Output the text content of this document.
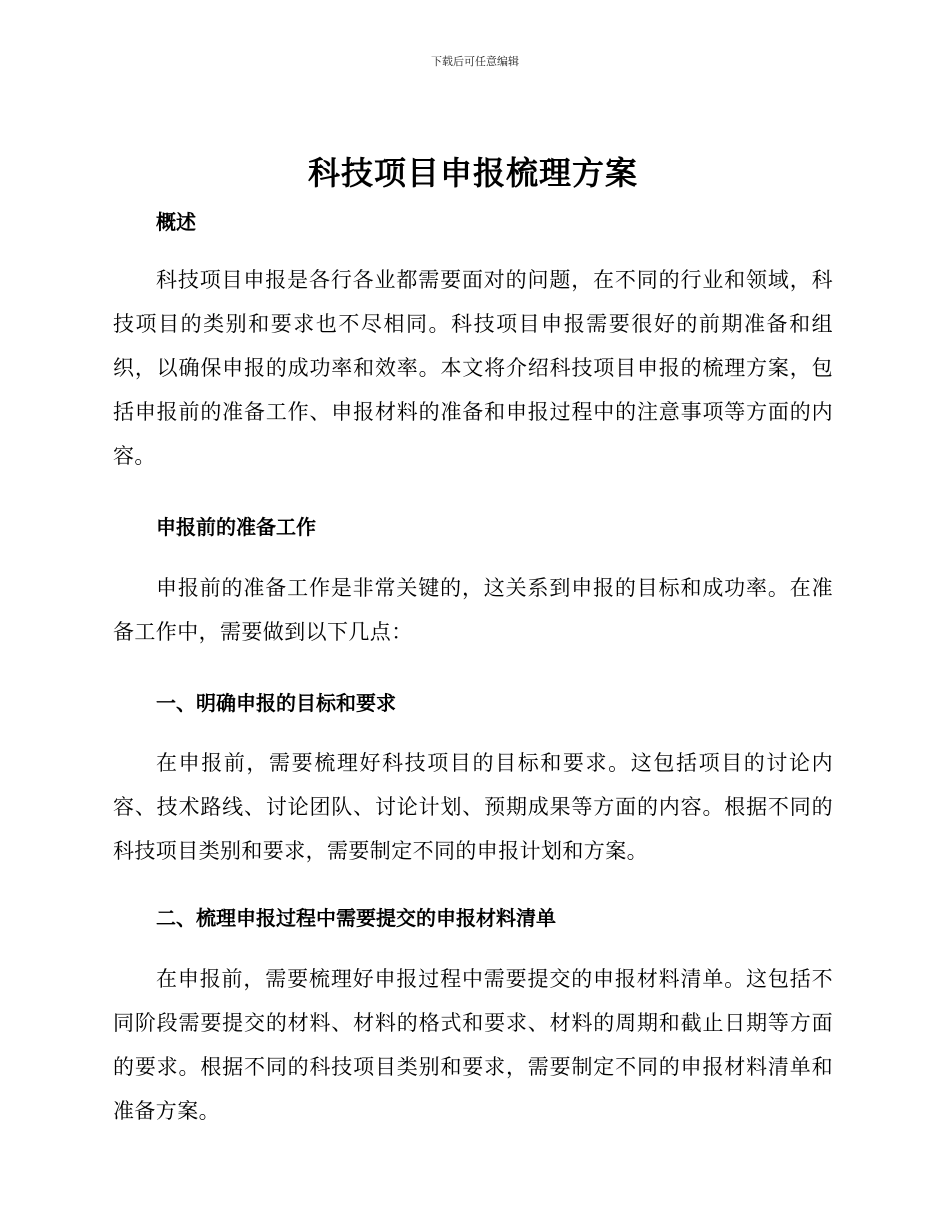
下载后可任意编辑
科技项目申报梳理方案
概述

科技项目申报是各行各业都需要面对的问题，在不同的行业和领域，科技项目的类别和要求也不尽相同。科技项目申报需要很好的前期准备和组织，以确保申报的成功率和效率。本文将介绍科技项目申报的梳理方案，包括申报前的准备工作、申报材料的准备和申报过程中的注意事项等方面的内容。

申报前的准备工作

申报前的准备工作是非常关键的，这关系到申报的目标和成功率。在准备工作中，需要做到以下几点：

一、明确申报的目标和要求

在申报前，需要梳理好科技项目的目标和要求。这包括项目的讨论内容、技术路线、讨论团队、讨论计划、预期成果等方面的内容。根据不同的科技项目类别和要求，需要制定不同的申报计划和方案。

二、梳理申报过程中需要提交的申报材料清单

在申报前，需要梳理好申报过程中需要提交的申报材料清单。这包括不同阶段需要提交的材料、材料的格式和要求、材料的周期和截止日期等方面的要求。根据不同的科技项目类别和要求，需要制定不同的申报材料清单和准备方案。
